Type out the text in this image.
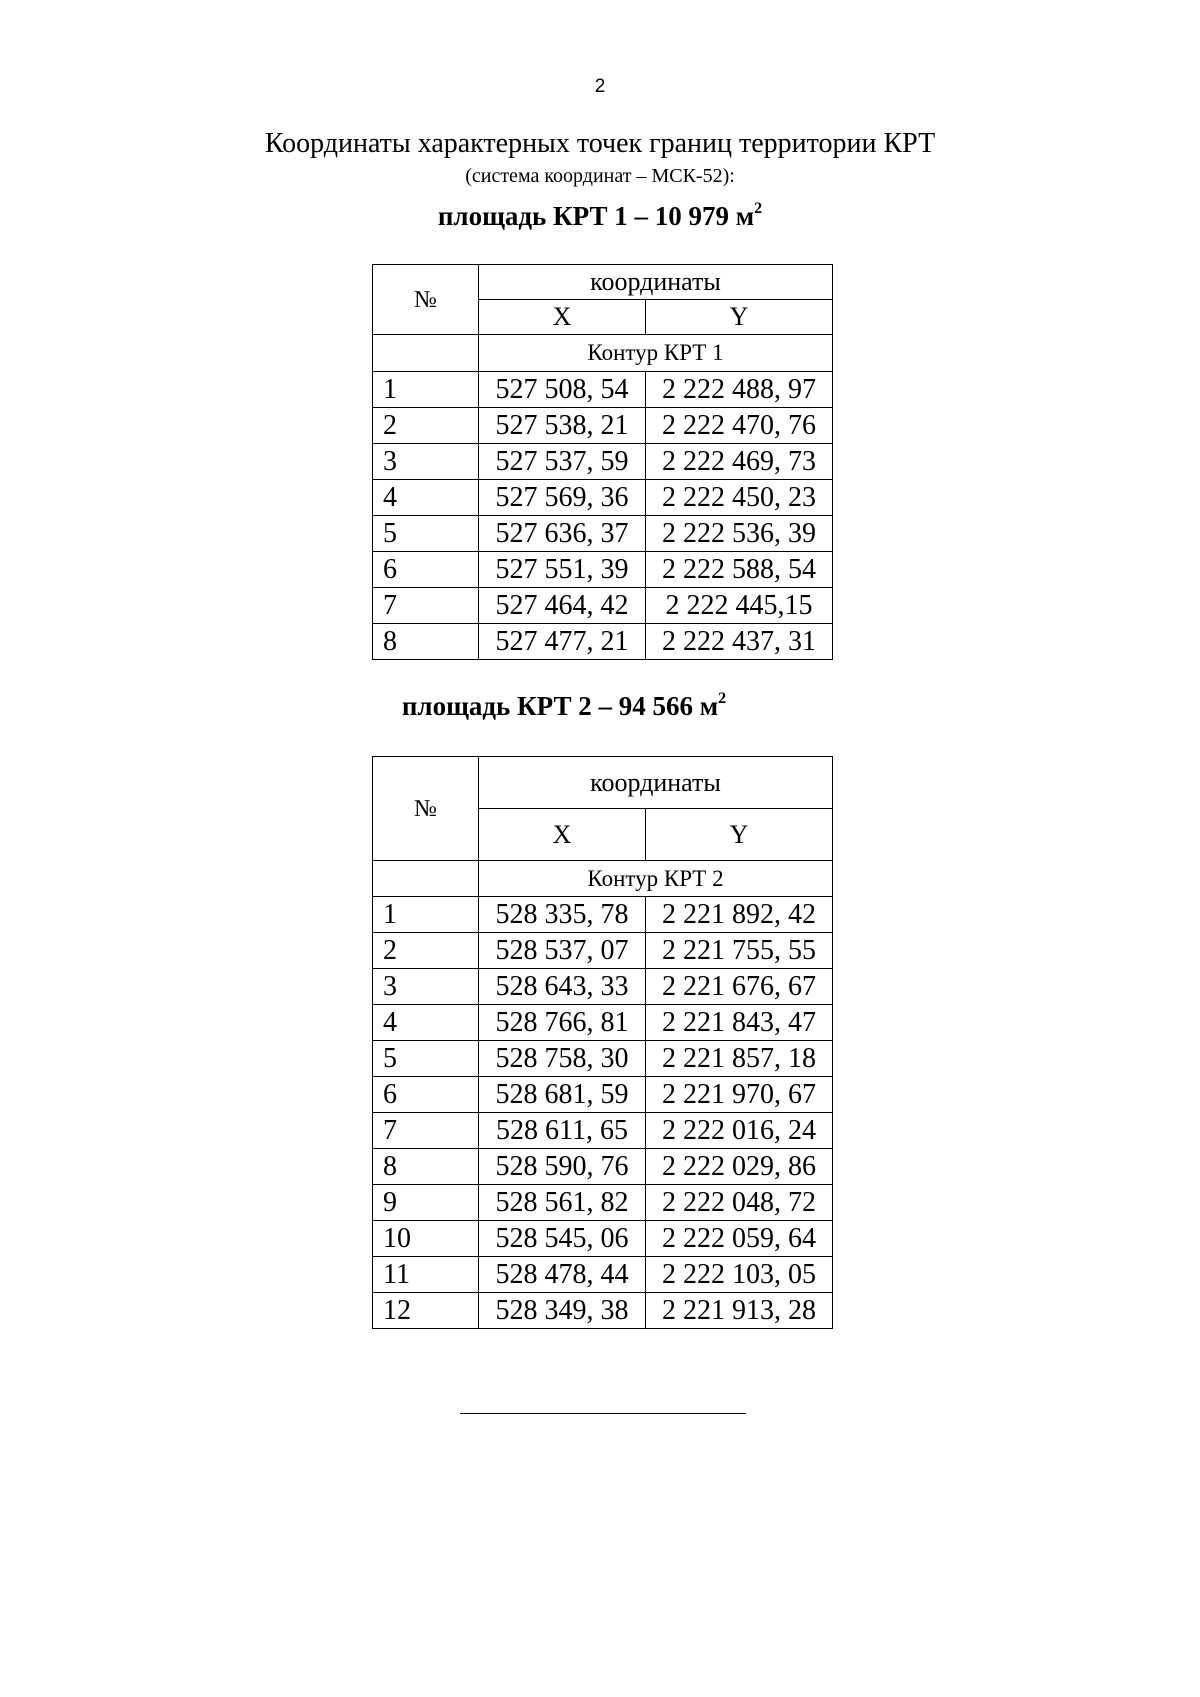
2
Координаты характерных точек границ территории КРТ
(система координат – МСК-52):
площадь КРТ 1 – 10 979 $м^2$
№	координаты	
	X	Y
	Контур КРТ 1	
1	527 508, 54	2 222 488, 97
2	527 538, 21	2 222 470, 76
3	527 537, 59	2 222 469, 73
4	527 569, 36	2 222 450, 23
5	527 636, 37	2 222 536, 39
6	527 551, 39	2 222 588, 54
7	527 464, 42	2 222 445,15
8	527 477, 21	2 222 437, 31
площадь КРТ 2 – 94 566 $м^2$
№	координаты	
	X	Y
	Контур КРТ 2	
1	528 335, 78	2 221 892, 42
2	528 537, 07	2 221 755, 55
3	528 643, 33	2 221 676, 67
4	528 766, 81	2 221 843, 47
5	528 758, 30	2 221 857, 18
6	528 681, 59	2 221 970, 67
7	528 611, 65	2 222 016, 24
8	528 590, 76	2 222 029, 86
9	528 561, 82	2 222 048, 72
10	528 545, 06	2 222 059, 64
11	528 478, 44	2 222 103, 05
12	528 349, 38	2 221 913, 28
